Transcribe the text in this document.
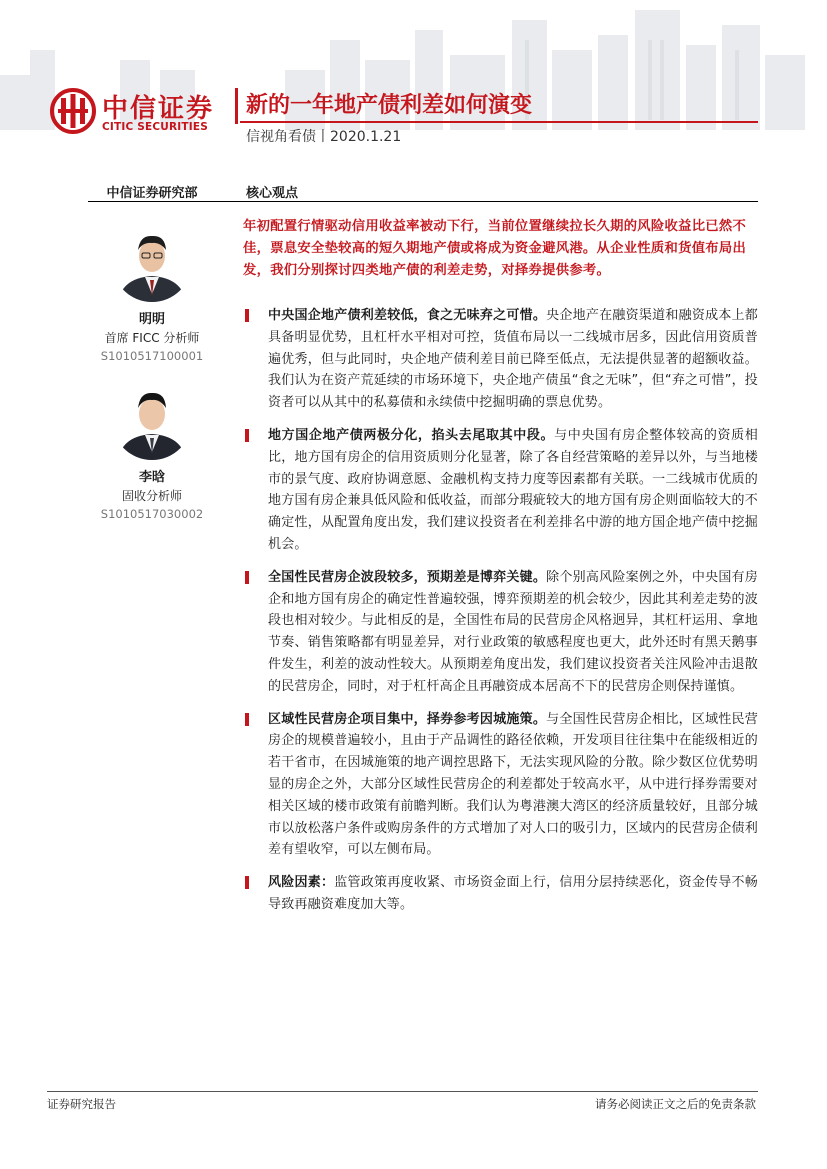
中信证券
CITIC SECURITIES
新的一年地产债利差如何演变
信视角看债丨2020.1.21
中信证券研究部	核心观点
年初配置行情驱动信用收益率被动下行，当前位置继续拉长久期的风险收益比已然不佳，票息安全垫较高的短久期地产债或将成为资金避风港。从企业性质和货值布局出发，我们分别探讨四类地产债的利差走势，对择券提供参考。
明明
首席 FICC 分析师
S1010517100001
李晗
固收分析师
S1010517030002
中央国企地产债利差较低，食之无味弃之可惜。央企地产在融资渠道和融资成本上都具备明显优势，且杠杆水平相对可控，货值布局以一二线城市居多，因此信用资质普遍优秀，但与此同时，央企地产债利差目前已降至低点，无法提供显著的超额收益。我们认为在资产荒延续的市场环境下，央企地产债虽“食之无味”，但“弃之可惜”，投资者可以从其中的私募债和永续债中挖掘明确的票息优势。
地方国企地产债两极分化，掐头去尾取其中段。与中央国有房企整体较高的资质相比，地方国有房企的信用资质则分化显著，除了各自经营策略的差异以外，与当地楼市的景气度、政府协调意愿、金融机构支持力度等因素都有关联。一二线城市优质的地方国有房企兼具低风险和低收益，而部分瑕疵较大的地方国有房企则面临较大的不确定性，从配置角度出发，我们建议投资者在利差排名中游的地方国企地产债中挖掘机会。
全国性民营房企波段较多，预期差是博弈关键。除个别高风险案例之外，中央国有房企和地方国有房企的确定性普遍较强，博弈预期差的机会较少，因此其利差走势的波段也相对较少。与此相反的是，全国性布局的民营房企风格迥异，其杠杆运用、拿地节奏、销售策略都有明显差异，对行业政策的敏感程度也更大，此外还时有黑天鹅事件发生，利差的波动性较大。从预期差角度出发，我们建议投资者关注风险冲击退散的民营房企，同时，对于杠杆高企且再融资成本居高不下的民营房企则保持谨慎。
区域性民营房企项目集中，择券参考因城施策。与全国性民营房企相比，区域性民营房企的规模普遍较小，且由于产品调性的路径依赖，开发项目往往集中在能级相近的若干省市，在因城施策的地产调控思路下，无法实现风险的分散。除少数区位优势明显的房企之外，大部分区域性民营房企的利差都处于较高水平，从中进行择券需要对相关区域的楼市政策有前瞻判断。我们认为粤港澳大湾区的经济质量较好，且部分城市以放松落户条件或购房条件的方式增加了对人口的吸引力，区域内的民营房企债利差有望收窄，可以左侧布局。
风险因素：监管政策再度收紧、市场资金面上行，信用分层持续恶化，资金传导不畅导致再融资难度加大等。
证券研究报告	请务必阅读正文之后的免责条款
